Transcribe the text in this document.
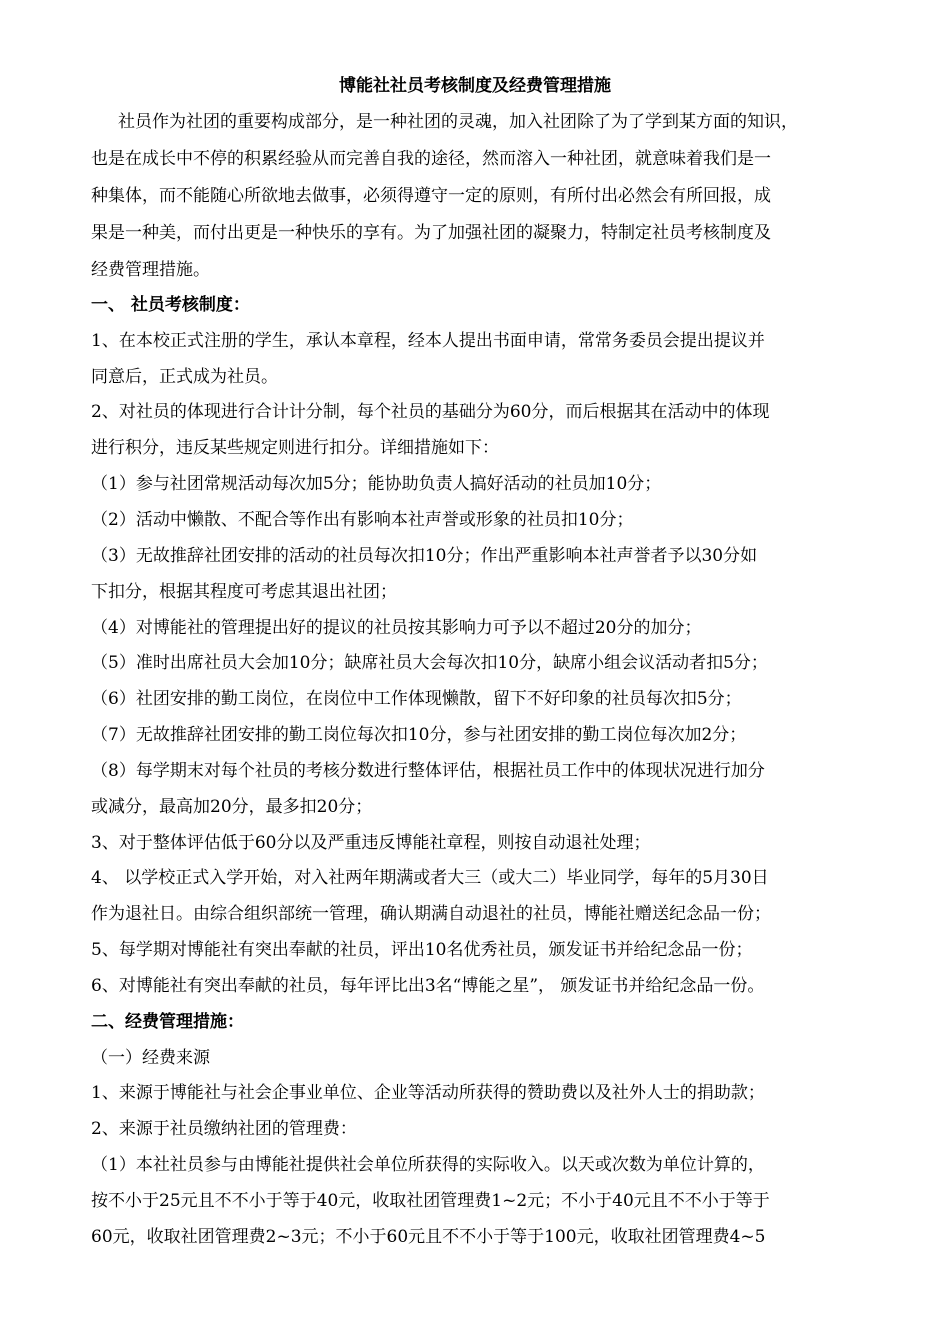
博能社社员考核制度及经费管理措施
社员作为社团的重要构成部分，是一种社团的灵魂，加入社团除了为了学到某方面的知识，
也是在成长中不停的积累经验从而完善自我的途径，然而溶入一种社团，就意味着我们是一
种集体，而不能随心所欲地去做事，必须得遵守一定的原则，有所付出必然会有所回报，成
果是一种美，而付出更是一种快乐的享有。为了加强社团的凝聚力，特制定社员考核制度及
经费管理措施。
一、 社员考核制度：
1、在本校正式注册的学生，承认本章程，经本人提出书面申请，常常务委员会提出提议并
同意后，正式成为社员。
2、对社员的体现进行合计计分制，每个社员的基础分为60分，而后根据其在活动中的体现
进行积分，违反某些规定则进行扣分。详细措施如下：
（1）参与社团常规活动每次加5分；能协助负责人搞好活动的社员加10分；
（2）活动中懒散、不配合等作出有影响本社声誉或形象的社员扣10分；
（3）无故推辞社团安排的活动的社员每次扣10分；作出严重影响本社声誉者予以30分如
下扣分，根据其程度可考虑其退出社团；
（4）对博能社的管理提出好的提议的社员按其影响力可予以不超过20分的加分；
（5）准时出席社员大会加10分；缺席社员大会每次扣10分，缺席小组会议活动者扣5分；
（6）社团安排的勤工岗位，在岗位中工作体现懒散，留下不好印象的社员每次扣5分；
（7）无故推辞社团安排的勤工岗位每次扣10分，参与社团安排的勤工岗位每次加2分；
（8）每学期末对每个社员的考核分数进行整体评估，根据社员工作中的体现状况进行加分
或减分，最高加20分，最多扣20分；
3、对于整体评估低于60分以及严重违反博能社章程，则按自动退社处理；
4、 以学校正式入学开始，对入社两年期满或者大三（或大二）毕业同学，每年的5月30日
作为退社日。由综合组织部统一管理，确认期满自动退社的社员，博能社赠送纪念品一份；
5、每学期对博能社有突出奉献的社员，评出10名优秀社员，颁发证书并给纪念品一份；
6、对博能社有突出奉献的社员，每年评比出3名“博能之星”， 颁发证书并给纪念品一份。
二、经费管理措施：
（一）经费来源
1、来源于博能社与社会企事业单位、企业等活动所获得的赞助费以及社外人士的捐助款；
2、来源于社员缴纳社团的管理费：
（1）本社社员参与由博能社提供社会单位所获得的实际收入。以天或次数为单位计算的，
按不小于25元且不不小于等于40元，收取社团管理费1~2元；不小于40元且不不小于等于
60元，收取社团管理费2~3元；不小于60元且不不小于等于100元，收取社团管理费4~5
